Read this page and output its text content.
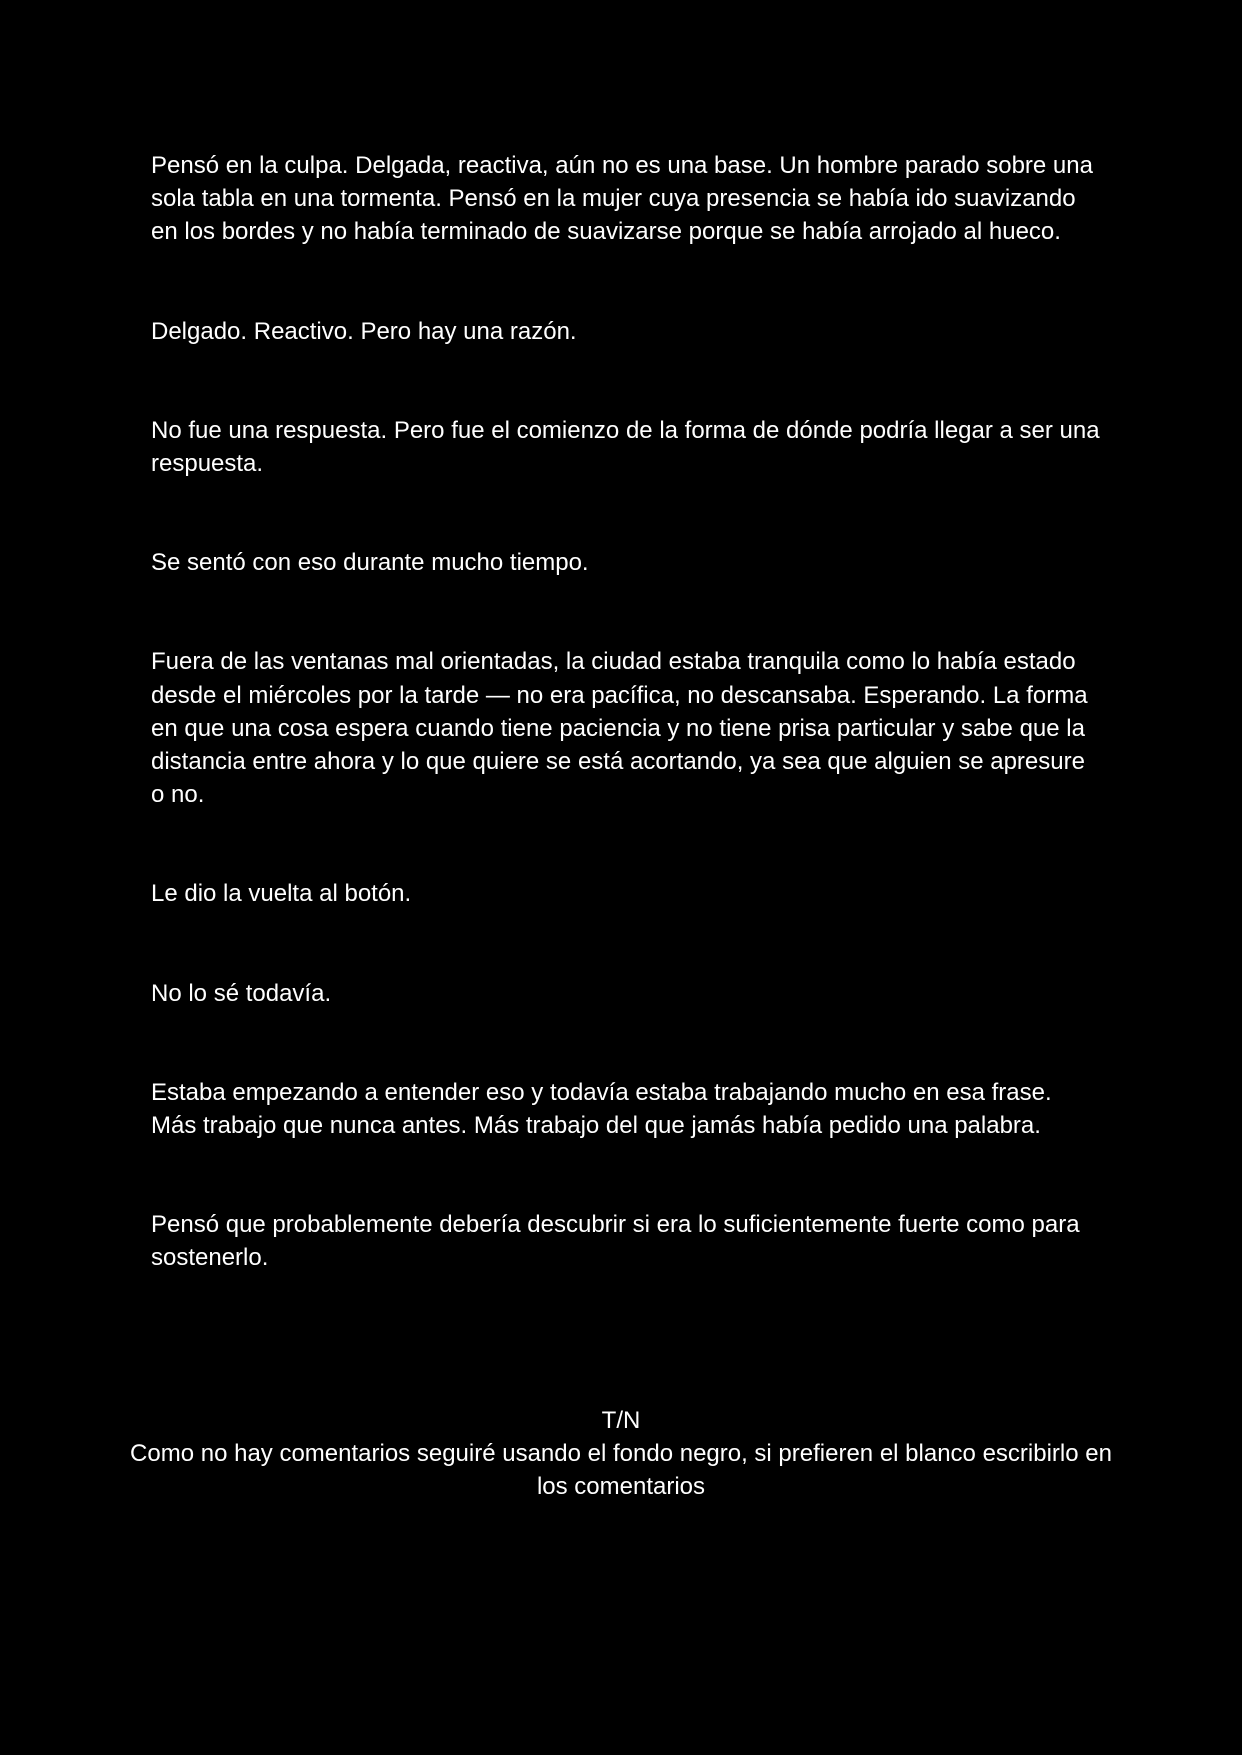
Pensó en la culpa. Delgada, reactiva, aún no es una base. Un hombre parado sobre una sola tabla en una tormenta. Pensó en la mujer cuya presencia se había ido suavizando en los bordes y no había terminado de suavizarse porque se había arrojado al hueco.

Delgado. Reactivo. Pero hay una razón.

No fue una respuesta. Pero fue el comienzo de la forma de dónde podría llegar a ser una respuesta.

Se sentó con eso durante mucho tiempo.

Fuera de las ventanas mal orientadas, la ciudad estaba tranquila como lo había estado desde el miércoles por la tarde — no era pacífica, no descansaba. Esperando. La forma en que una cosa espera cuando tiene paciencia y no tiene prisa particular y sabe que la distancia entre ahora y lo que quiere se está acortando, ya sea que alguien se apresure o no.

Le dio la vuelta al botón.

No lo sé todavía.

Estaba empezando a entender eso y todavía estaba trabajando mucho en esa frase. Más trabajo que nunca antes. Más trabajo del que jamás había pedido una palabra.

Pensó que probablemente debería descubrir si era lo suficientemente fuerte como para sostenerlo.

T/N

Como no hay comentarios seguiré usando el fondo negro, si prefieren el blanco escribirlo en los comentarios
